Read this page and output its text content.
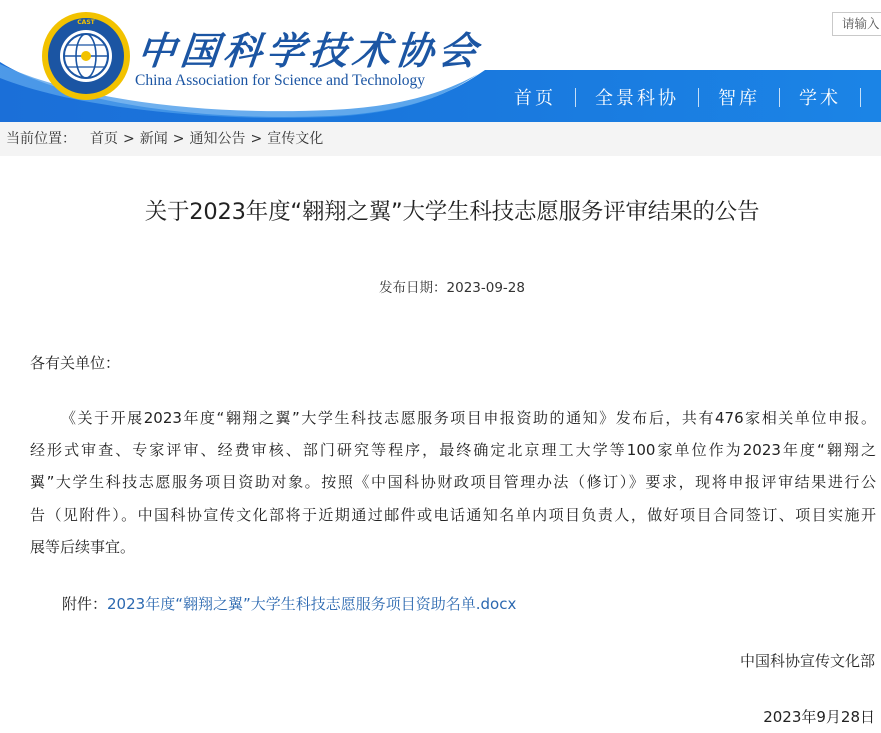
CAST
中国科学技术协会
China Association for Science and Technology
请输入
首页	全景科协	智库	学术
当前位置： 首页 > 新闻 > 通知公告 > 宣传文化
关于2023年度“翱翔之翼”大学生科技志愿服务评审结果的公告
发布日期：2023-09-28
各有关单位：
《关于开展2023年度“翱翔之翼”大学生科技志愿服务项目申报资助的通知》发布后，共有476家相关单位申报。
经形式审查、专家评审、经费审核、部门研究等程序，最终确定北京理工大学等100家单位作为2023年度“翱翔之
翼”大学生科技志愿服务项目资助对象。按照《中国科协财政项目管理办法（修订）》要求，现将申报评审结果进行公
告（见附件）。中国科协宣传文化部将于近期通过邮件或电话通知名单内项目负责人，做好项目合同签订、项目实施开
展等后续事宜。
附件：2023年度“翱翔之翼”大学生科技志愿服务项目资助名单.docx
中国科协宣传文化部
2023年9月28日
